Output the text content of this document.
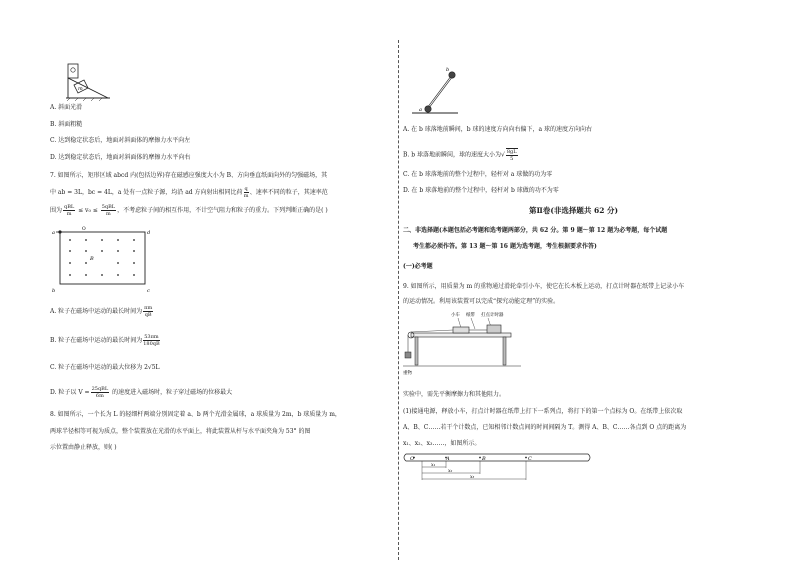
m
A. 斜面光滑
B. 斜面粗糙
C. 达到稳定状态后，地面对斜面体的摩擦力水平向左
D. 达到稳定状态后，地面对斜面体的摩擦力水平向右
7. 如图所示，矩形区域 abcd 内(包括边界)存在磁感应强度大小为 B、方向垂直纸面向外的匀强磁场，其
中 ab = 3L，bc = 4L，a 处有一点粒子源，均沿 ad 方向射出相同比荷 $\frac{q}{m}$ 、速率不同的粒子，其速率范
围为 $\frac{\text{qBL}}{m} \le v_0 \le \frac{\text{5qBL}}{m}$ ，不考虑粒子间的相互作用，不计空气阻力和粒子的重力。下列判断正确的是( )
a	d
b	c
O
B
A. 粒子在磁场中运动的最长时间为 $\frac{\pi m}{qB}$
B. 粒子在磁场中运动的最长时间为 $\frac{53\pi m}{180qB}$
C. 粒子在磁场中运动的最大位移为 2√5L
D. 粒子以 $V = \frac{\text{25qBL}}{6m}$ 的速度进入磁场时，粒子穿过磁场的位移最大
8. 如图所示，一个长为 L 的轻细杆两端分别固定着 a、b 两个光滑金属球，a 球质量为 2m，b 球质量为 m，
两球半径相等可视为质点，整个装置放在光滑的水平面上，将此装置从杆与水平面夹角为 53° 的图
示位置由静止释放，则( )
b
a
A. 在 b 球落地前瞬间，b 球的速度方向向右偏下，a 球的速度方向向右
B. b 球落地前瞬间，球的速度大小为√ $\frac{8gL}{5}$
C. 在 b 球落地前的整个过程中，轻杆对 a 球做的功为零
D. 在 b 球落地前的整个过程中，轻杆对 b 球做的功不为零
第Ⅱ卷(非选择题共 62 分)
二、非选择题(本题包括必考题和选考题两部分，共 62 分。第 9 题～第 12 题为必考题，每个试题
考生都必须作答。第 13 题～第 16 题为选考题，考生根据要求作答)
(一)必考题
9. 如图所示，用质量为 m 的重物通过滑轮牵引小车，使它在长木板上运动，打点计时器在纸带上记录小车
的运动情况。利用该装置可以完成“探究动能定理”的实验。
小车 纸带 打点计时器
重物
实验中，需先平衡摩擦力和其他阻力。
(1)接通电源，释放小车，打点计时器在纸带上打下一系列点，将打下的第一个点标为 O。在纸带上依次取
A、B、C……若干个计数点，已知相邻计数点间的时间间隔为 T。测得 A、B、C……各点到 O 点的距离为
x₁、x₂、x₃……，如图所示。
O	A	B	C
x₁
x₂
x₃
